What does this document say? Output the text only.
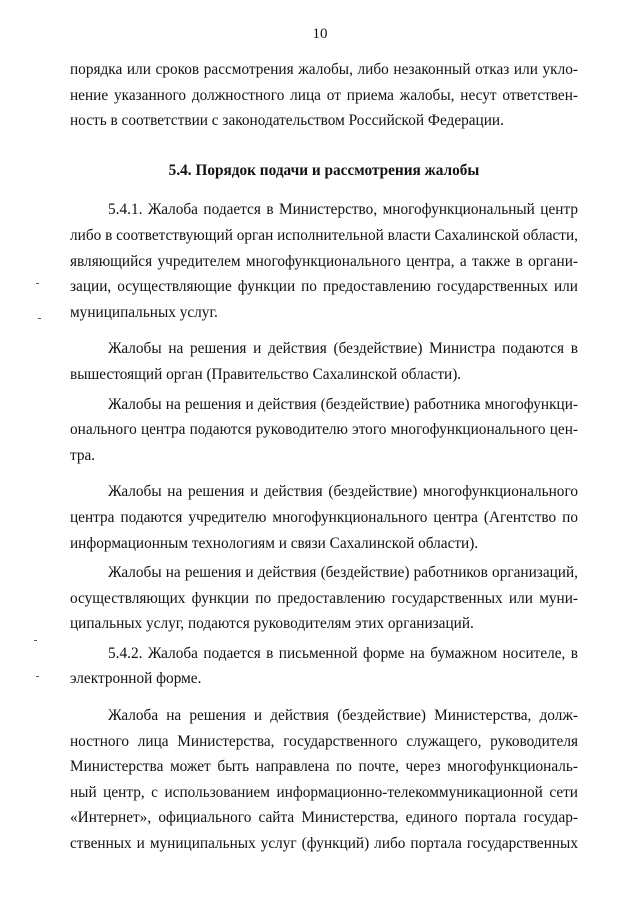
10
порядка или сроков рассмотрения жалобы, либо незаконный отказ или укло-
нение указанного должностного лица от приема жалобы, несут ответствен-
ность в соответствии с законодательством Российской Федерации.
5.4. Порядок подачи и рассмотрения жалобы
5.4.1. Жалоба подается в Министерство, многофункциональный центр
либо в соответствующий орган исполнительной власти Сахалинской области,
являющийся учредителем многофункционального центра, а также в органи-
зации, осуществляющие функции по предоставлению государственных или
муниципальных услуг.
Жалобы на решения и действия (бездействие) Министра подаются в
вышестоящий орган (Правительство Сахалинской области).
Жалобы на решения и действия (бездействие) работника многофункци-
онального центра подаются руководителю этого многофункционального цен-
тра.
Жалобы на решения и действия (бездействие) многофункционального
центра подаются учредителю многофункционального центра (Агентство по
информационным технологиям и связи Сахалинской области).
Жалобы на решения и действия (бездействие) работников организаций,
осуществляющих функции по предоставлению государственных или муни-
ципальных услуг, подаются руководителям этих организаций.
5.4.2. Жалоба подается в письменной форме на бумажном носителе, в
электронной форме.
Жалоба на решения и действия (бездействие) Министерства, долж-
ностного лица Министерства, государственного служащего, руководителя
Министерства может быть направлена по почте, через многофункциональ-
ный центр, с использованием информационно-телекоммуникационной сети
«Интернет», официального сайта Министерства, единого портала государ-
ственных и муниципальных услуг (функций) либо портала государственных
